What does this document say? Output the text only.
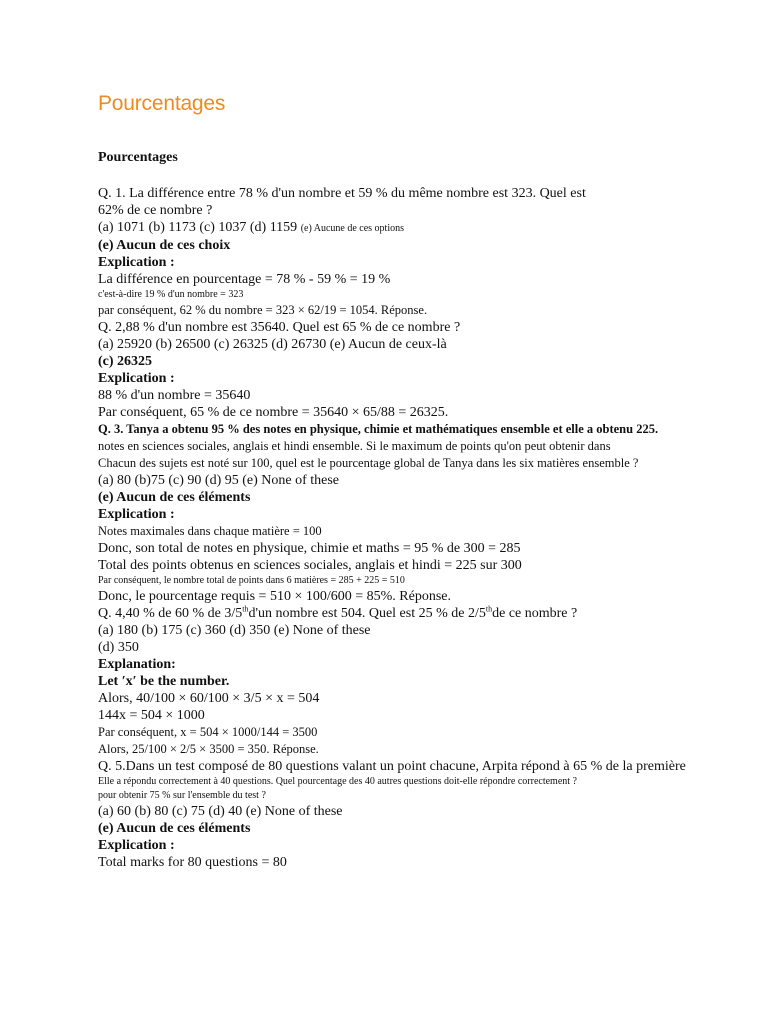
Pourcentages
Pourcentages
Q. 1. La différence entre 78 % d'un nombre et 59 % du même nombre est 323. Quel est
62% de ce nombre ?
(a) 1071 (b) 1173 (c) 1037 (d) 1159 (e) Aucune de ces options
(e) Aucun de ces choix
Explication :
La différence en pourcentage = 78 % - 59 % = 19 %
c'est-à-dire 19 % d'un nombre = 323
par conséquent, 62 % du nombre = 323 × 62/19 = 1054. Réponse.
Q. 2,88 % d'un nombre est 35640. Quel est 65 % de ce nombre ?
(a) 25920 (b) 26500 (c) 26325 (d) 26730 (e) Aucun de ceux-là
(c) 26325
Explication :
88 % d'un nombre = 35640
Par conséquent, 65 % de ce nombre = 35640 × 65/88 = 26325.
Q. 3. Tanya a obtenu 95 % des notes en physique, chimie et mathématiques ensemble et elle a obtenu 225.
notes en sciences sociales, anglais et hindi ensemble. Si le maximum de points qu'on peut obtenir dans
Chacun des sujets est noté sur 100, quel est le pourcentage global de Tanya dans les six matières ensemble ?
(a) 80 (b)75 (c) 90 (d) 95 (e) None of these
(e) Aucun de ces éléments
Explication :
Notes maximales dans chaque matière = 100
Donc, son total de notes en physique, chimie et maths = 95 % de 300 = 285
Total des points obtenus en sciences sociales, anglais et hindi = 225 sur 300
Par conséquent, le nombre total de points dans 6 matières = 285 + 225 = 510
Donc, le pourcentage requis = 510 × 100/600 = 85%. Réponse.
Q. 4,40 % de 60 % de 3/5thd'un nombre est 504. Quel est 25 % de 2/5thde ce nombre ?
(a) 180 (b) 175 (c) 360 (d) 350 (e) None of these
(d) 350
Explanation:
Let ′x′ be the number.
Alors, 40/100 × 60/100 × 3/5 × x = 504
144x = 504 × 1000
Par conséquent, x = 504 × 1000/144 = 3500
Alors, 25/100 × 2/5 × 3500 = 350. Réponse.
Q. 5.Dans un test composé de 80 questions valant un point chacune, Arpita répond à 65 % de la première
Elle a répondu correctement à 40 questions. Quel pourcentage des 40 autres questions doit-elle répondre correctement ?
pour obtenir 75 % sur l'ensemble du test ?
(a) 60 (b) 80 (c) 75 (d) 40 (e) None of these
(e) Aucun de ces éléments
Explication :
Total marks for 80 questions = 80
